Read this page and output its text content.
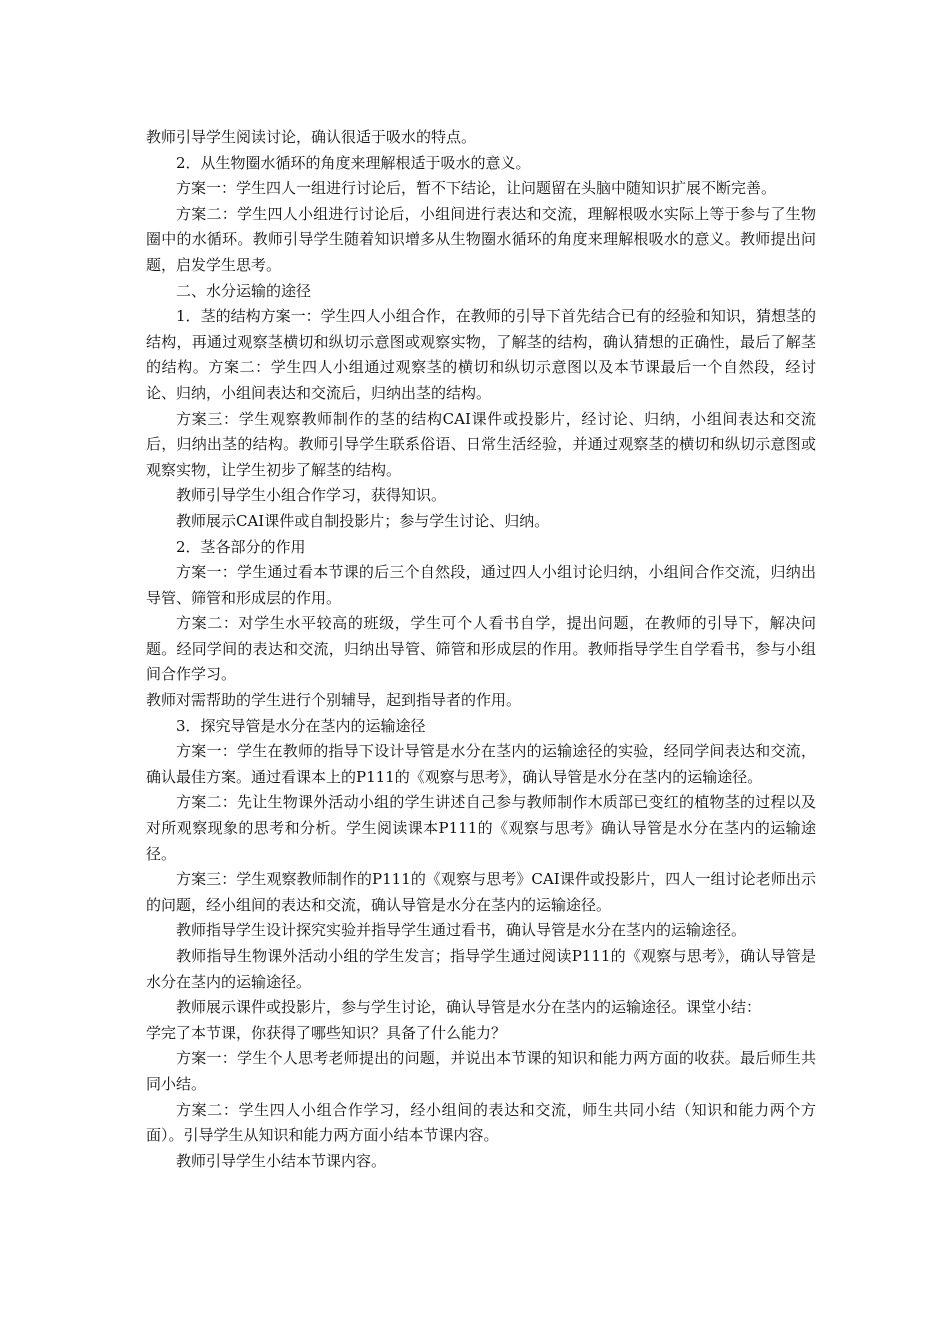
教师引导学生阅读讨论，确认很适于吸水的特点。

2．从生物圈水循环的角度来理解根适于吸水的意义。

方案一：学生四人一组进行讨论后，暂不下结论，让问题留在头脑中随知识扩展不断完善。

方案二：学生四人小组进行讨论后，小组间进行表达和交流，理解根吸水实际上等于参与了生物圈中的水循环。教师引导学生随着知识增多从生物圈水循环的角度来理解根吸水的意义。教师提出问题，启发学生思考。

二、水分运输的途径

1．茎的结构方案一：学生四人小组合作，在教师的引导下首先结合已有的经验和知识，猜想茎的结构，再通过观察茎横切和纵切示意图或观察实物，了解茎的结构，确认猜想的正确性，最后了解茎的结构。方案二：学生四人小组通过观察茎的横切和纵切示意图以及本节课最后一个自然段，经讨论、归纳，小组间表达和交流后，归纳出茎的结构。

方案三：学生观察教师制作的茎的结构CAI课件或投影片，经讨论、归纳，小组间表达和交流后，归纳出茎的结构。教师引导学生联系俗语、日常生活经验，并通过观察茎的横切和纵切示意图或观察实物，让学生初步了解茎的结构。

教师引导学生小组合作学习，获得知识。

教师展示CAI课件或自制投影片；参与学生讨论、归纳。

2．茎各部分的作用

方案一：学生通过看本节课的后三个自然段，通过四人小组讨论归纳，小组间合作交流，归纳出导管、筛管和形成层的作用。

方案二：对学生水平较高的班级，学生可个人看书自学，提出问题，在教师的引导下，解决问题。经同学间的表达和交流，归纳出导管、筛管和形成层的作用。教师指导学生自学看书，参与小组间合作学习。

教师对需帮助的学生进行个别辅导，起到指导者的作用。

3．探究导管是水分在茎内的运输途径

方案一：学生在教师的指导下设计导管是水分在茎内的运输途径的实验，经同学间表达和交流，确认最佳方案。通过看课本上的P111的《观察与思考》，确认导管是水分在茎内的运输途径。

方案二：先让生物课外活动小组的学生讲述自己参与教师制作木质部已变红的植物茎的过程以及对所观察现象的思考和分析。学生阅读课本P111的《观察与思考》确认导管是水分在茎内的运输途径。

方案三：学生观察教师制作的P111的《观察与思考》CAI课件或投影片，四人一组讨论老师出示的问题，经小组间的表达和交流，确认导管是水分在茎内的运输途径。

教师指导学生设计探究实验并指导学生通过看书，确认导管是水分在茎内的运输途径。

教师指导生物课外活动小组的学生发言；指导学生通过阅读P111的《观察与思考》，确认导管是水分在茎内的运输途径。

教师展示课件或投影片，参与学生讨论，确认导管是水分在茎内的运输途径。课堂小结：

学完了本节课，你获得了哪些知识？具备了什么能力？

方案一：学生个人思考老师提出的问题，并说出本节课的知识和能力两方面的收获。最后师生共同小结。

方案二：学生四人小组合作学习，经小组间的表达和交流，师生共同小结（知识和能力两个方面）。引导学生从知识和能力两方面小结本节课内容。

教师引导学生小结本节课内容。
